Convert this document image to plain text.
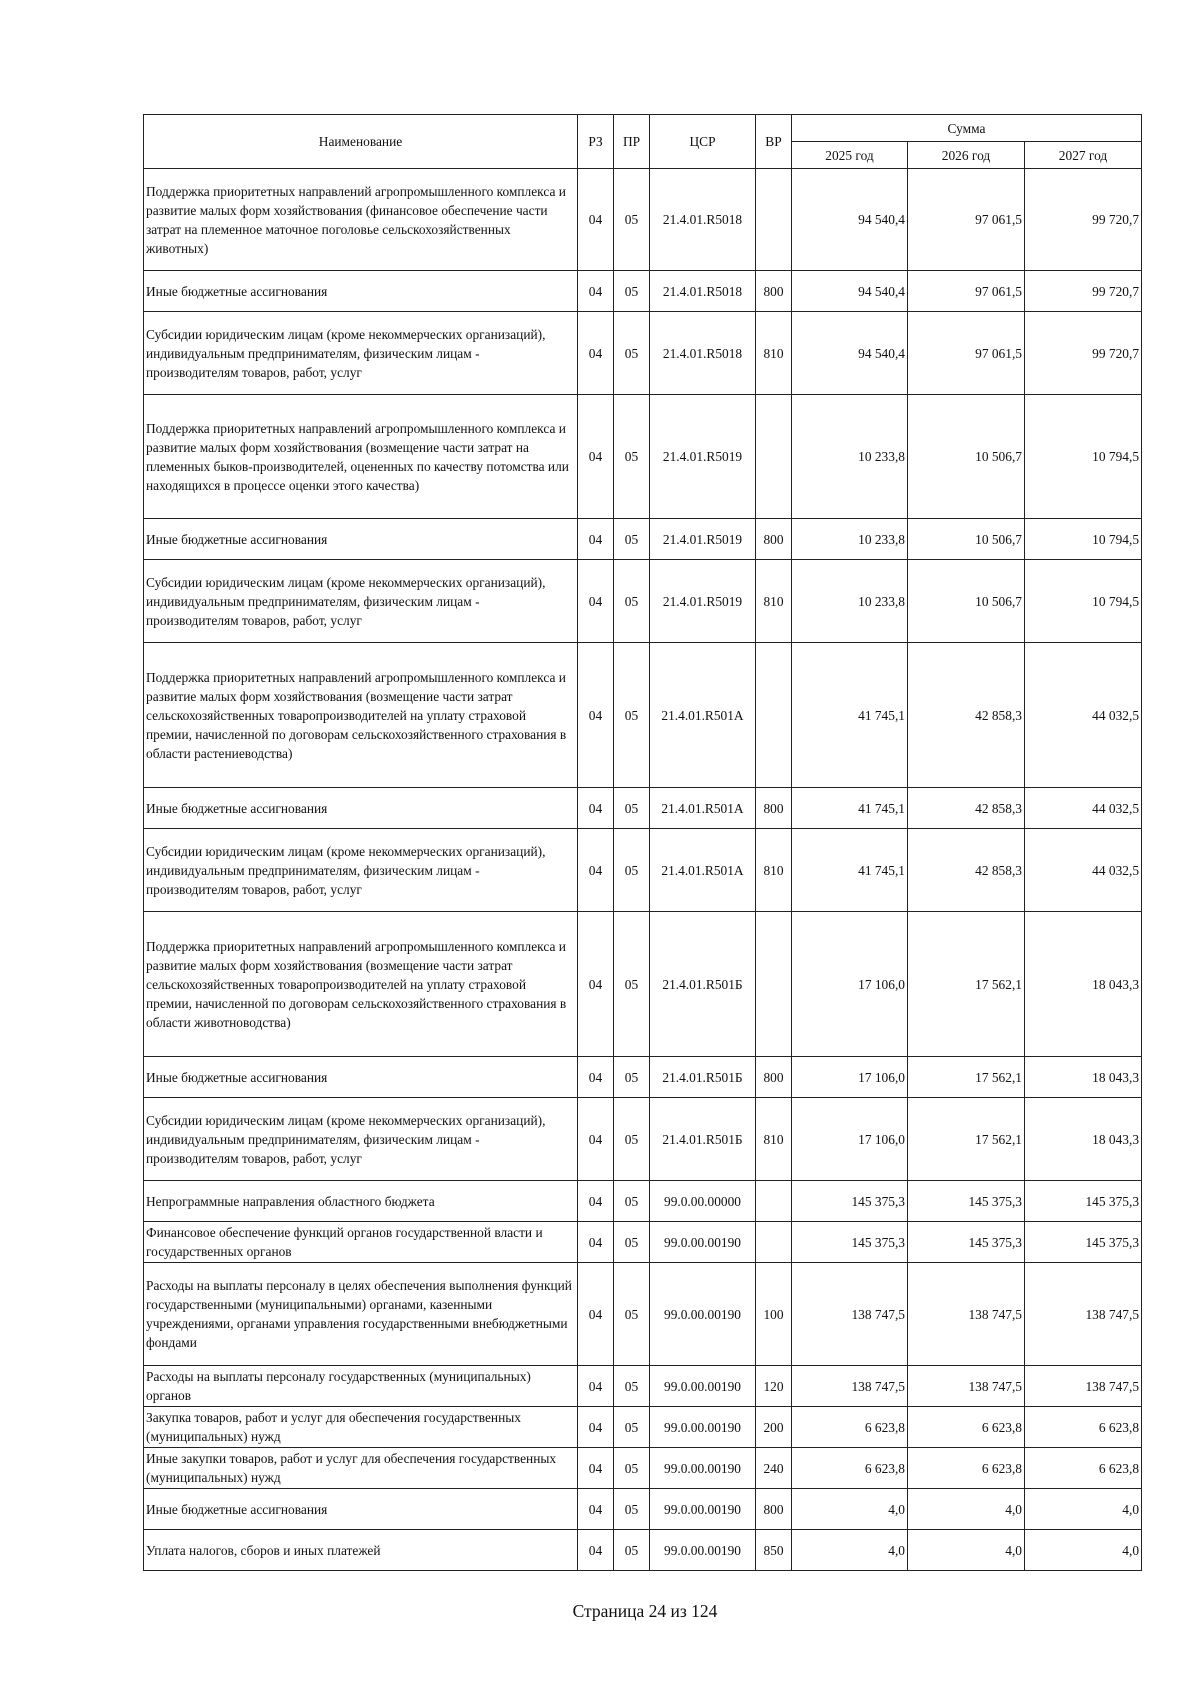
Наименование	РЗ	ПР	ЦСР	ВР	Сумма		
					2025 год	2026 год	2027 год
Поддержка приоритетных направлений агропромышленного комплекса и развитие малых форм хозяйствования (финансовое обеспечение части затрат на племенное маточное поголовье сельскохозяйственных животных)	04	05	21.4.01.R5018		94 540,4	97 061,5	99 720,7
Иные бюджетные ассигнования	04	05	21.4.01.R5018	800	94 540,4	97 061,5	99 720,7
Субсидии юридическим лицам (кроме некоммерческих организаций), индивидуальным предпринимателям, физическим лицам - производителям товаров, работ, услуг	04	05	21.4.01.R5018	810	94 540,4	97 061,5	99 720,7
Поддержка приоритетных направлений агропромышленного комплекса и развитие малых форм хозяйствования (возмещение части затрат на племенных быков-производителей, оцененных по качеству потомства или находящихся в процессе оценки этого качества)	04	05	21.4.01.R5019		10 233,8	10 506,7	10 794,5
Иные бюджетные ассигнования	04	05	21.4.01.R5019	800	10 233,8	10 506,7	10 794,5
Субсидии юридическим лицам (кроме некоммерческих организаций), индивидуальным предпринимателям, физическим лицам - производителям товаров, работ, услуг	04	05	21.4.01.R5019	810	10 233,8	10 506,7	10 794,5
Поддержка приоритетных направлений агропромышленного комплекса и развитие малых форм хозяйствования (возмещение части затрат сельскохозяйственных товаропроизводителей на уплату страховой премии, начисленной по договорам сельскохозяйственного страхования в области растениеводства)	04	05	21.4.01.R501А		41 745,1	42 858,3	44 032,5
Иные бюджетные ассигнования	04	05	21.4.01.R501А	800	41 745,1	42 858,3	44 032,5
Субсидии юридическим лицам (кроме некоммерческих организаций), индивидуальным предпринимателям, физическим лицам - производителям товаров, работ, услуг	04	05	21.4.01.R501А	810	41 745,1	42 858,3	44 032,5
Поддержка приоритетных направлений агропромышленного комплекса и развитие малых форм хозяйствования (возмещение части затрат сельскохозяйственных товаропроизводителей на уплату страховой премии, начисленной по договорам сельскохозяйственного страхования в области животноводства)	04	05	21.4.01.R501Б		17 106,0	17 562,1	18 043,3
Иные бюджетные ассигнования	04	05	21.4.01.R501Б	800	17 106,0	17 562,1	18 043,3
Субсидии юридическим лицам (кроме некоммерческих организаций), индивидуальным предпринимателям, физическим лицам - производителям товаров, работ, услуг	04	05	21.4.01.R501Б	810	17 106,0	17 562,1	18 043,3
Непрограммные направления областного бюджета	04	05	99.0.00.00000		145 375,3	145 375,3	145 375,3
Финансовое обеспечение функций органов государственной власти и государственных органов	04	05	99.0.00.00190		145 375,3	145 375,3	145 375,3
Расходы на выплаты персоналу в целях обеспечения выполнения функций государственными (муниципальными) органами, казенными учреждениями, органами управления государственными внебюджетными фондами	04	05	99.0.00.00190	100	138 747,5	138 747,5	138 747,5
Расходы на выплаты персоналу государственных (муниципальных) органов	04	05	99.0.00.00190	120	138 747,5	138 747,5	138 747,5
Закупка товаров, работ и услуг для обеспечения государственных (муниципальных) нужд	04	05	99.0.00.00190	200	6 623,8	6 623,8	6 623,8
Иные закупки товаров, работ и услуг для обеспечения государственных (муниципальных) нужд	04	05	99.0.00.00190	240	6 623,8	6 623,8	6 623,8
Иные бюджетные ассигнования	04	05	99.0.00.00190	800	4,0	4,0	4,0
Уплата налогов, сборов и иных платежей	04	05	99.0.00.00190	850	4,0	4,0	4,0
Страница 24 из 124
